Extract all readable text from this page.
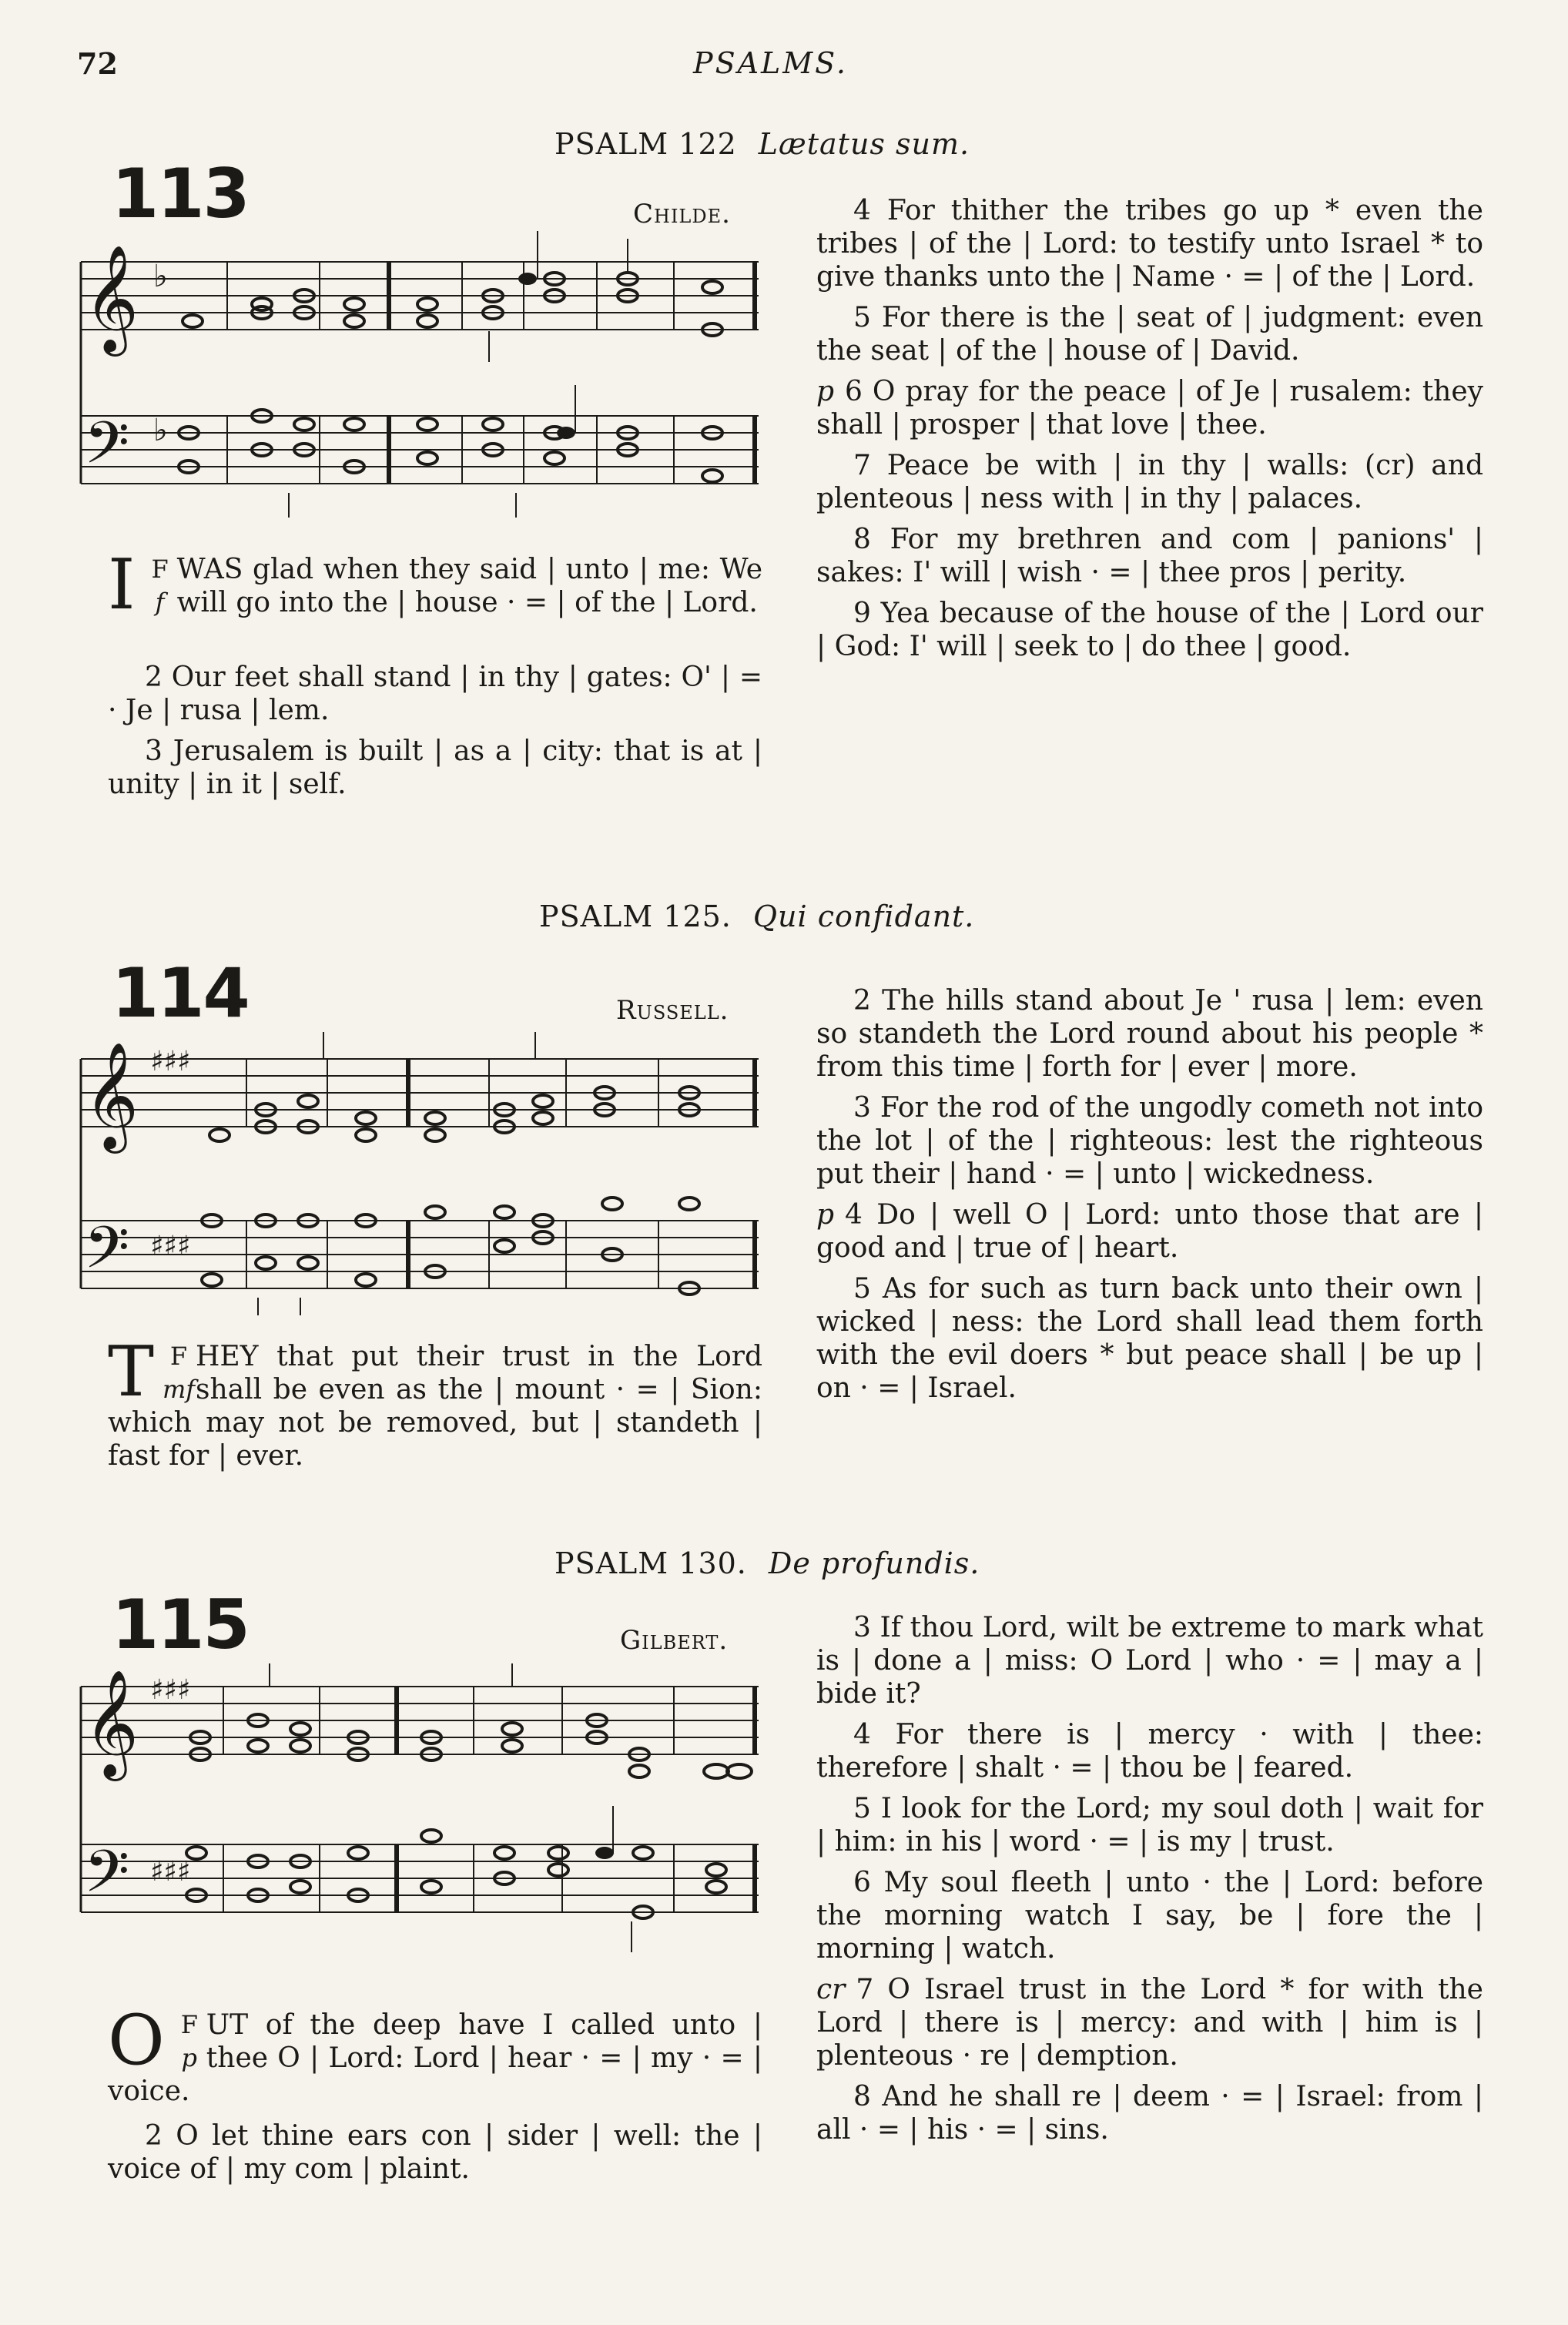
72	PSALMS.
PSALM 122 Lætatus sum.
113	Childe.
𝄞
𝄢
♭
♭
I F
f
WAS glad when they said | unto | me: We will go into the | house · = | of the | Lord.

2 Our feet shall stand | in thy | gates: O' | = · Je | rusa | lem.

3 Jerusalem is built | as a | city: that is at | unity | in it | self.

4 For thither the tribes go up * even the tribes | of the | Lord: to testify unto Israel * to give thanks unto the | Name · = | of the | Lord.

5 For there is the | seat of | judgment: even the seat | of the | house of | David.

p 6 O pray for the peace | of Je | rusalem: they shall | prosper | that love | thee.

7 Peace be with | in thy | walls: (cr) and plenteous | ness with | in thy | palaces.

8 For my brethren and com | panions' | sakes: I' will | wish · = | thee pros | perity.

9 Yea because of the house of the | Lord our | God: I' will | seek to | do thee | good.

PSALM 125. Qui confidant.
114	Russell.
𝄞
𝄢
♯♯♯
♯♯♯
T F
mf
HEY that put their trust in the Lord shall be even as the | mount · = | Sion: which may not be removed, but | standeth | fast for | ever.

2 The hills stand about Je ' rusa | lem: even so standeth the Lord round about his people * from this time | forth for | ever | more.

3 For the rod of the ungodly cometh not into the lot | of the | righteous: lest the righteous put their | hand · = | unto | wickedness.

p 4 Do | well O | Lord: unto those that are | good and | true of | heart.

5 As for such as turn back unto their own | wicked | ness: the Lord shall lead them forth with the evil doers * but peace shall | be up | on · = | Israel.

PSALM 130. De profundis.
115	Gilbert.
𝄞
𝄢
♯♯♯
♯♯♯
O F
p
UT of the deep have I called unto | thee O | Lord: Lord | hear · = | my · = | voice.

2 O let thine ears con | sider | well: the | voice of | my com | plaint.

3 If thou Lord, wilt be extreme to mark what is | done a | miss: O Lord | who · = | may a | bide it?

4 For there is | mercy · with | thee: therefore | shalt · = | thou be | feared.

5 I look for the Lord; my soul doth | wait for | him: in his | word · = | is my | trust.

6 My soul fleeth | unto · the | Lord: before the morning watch I say, be | fore the | morning | watch.

cr 7 O Israel trust in the Lord * for with the Lord | there is | mercy: and with | him is | plenteous · re | demption.

8 And he shall re | deem · = | Israel: from | all · = | his · = | sins.
